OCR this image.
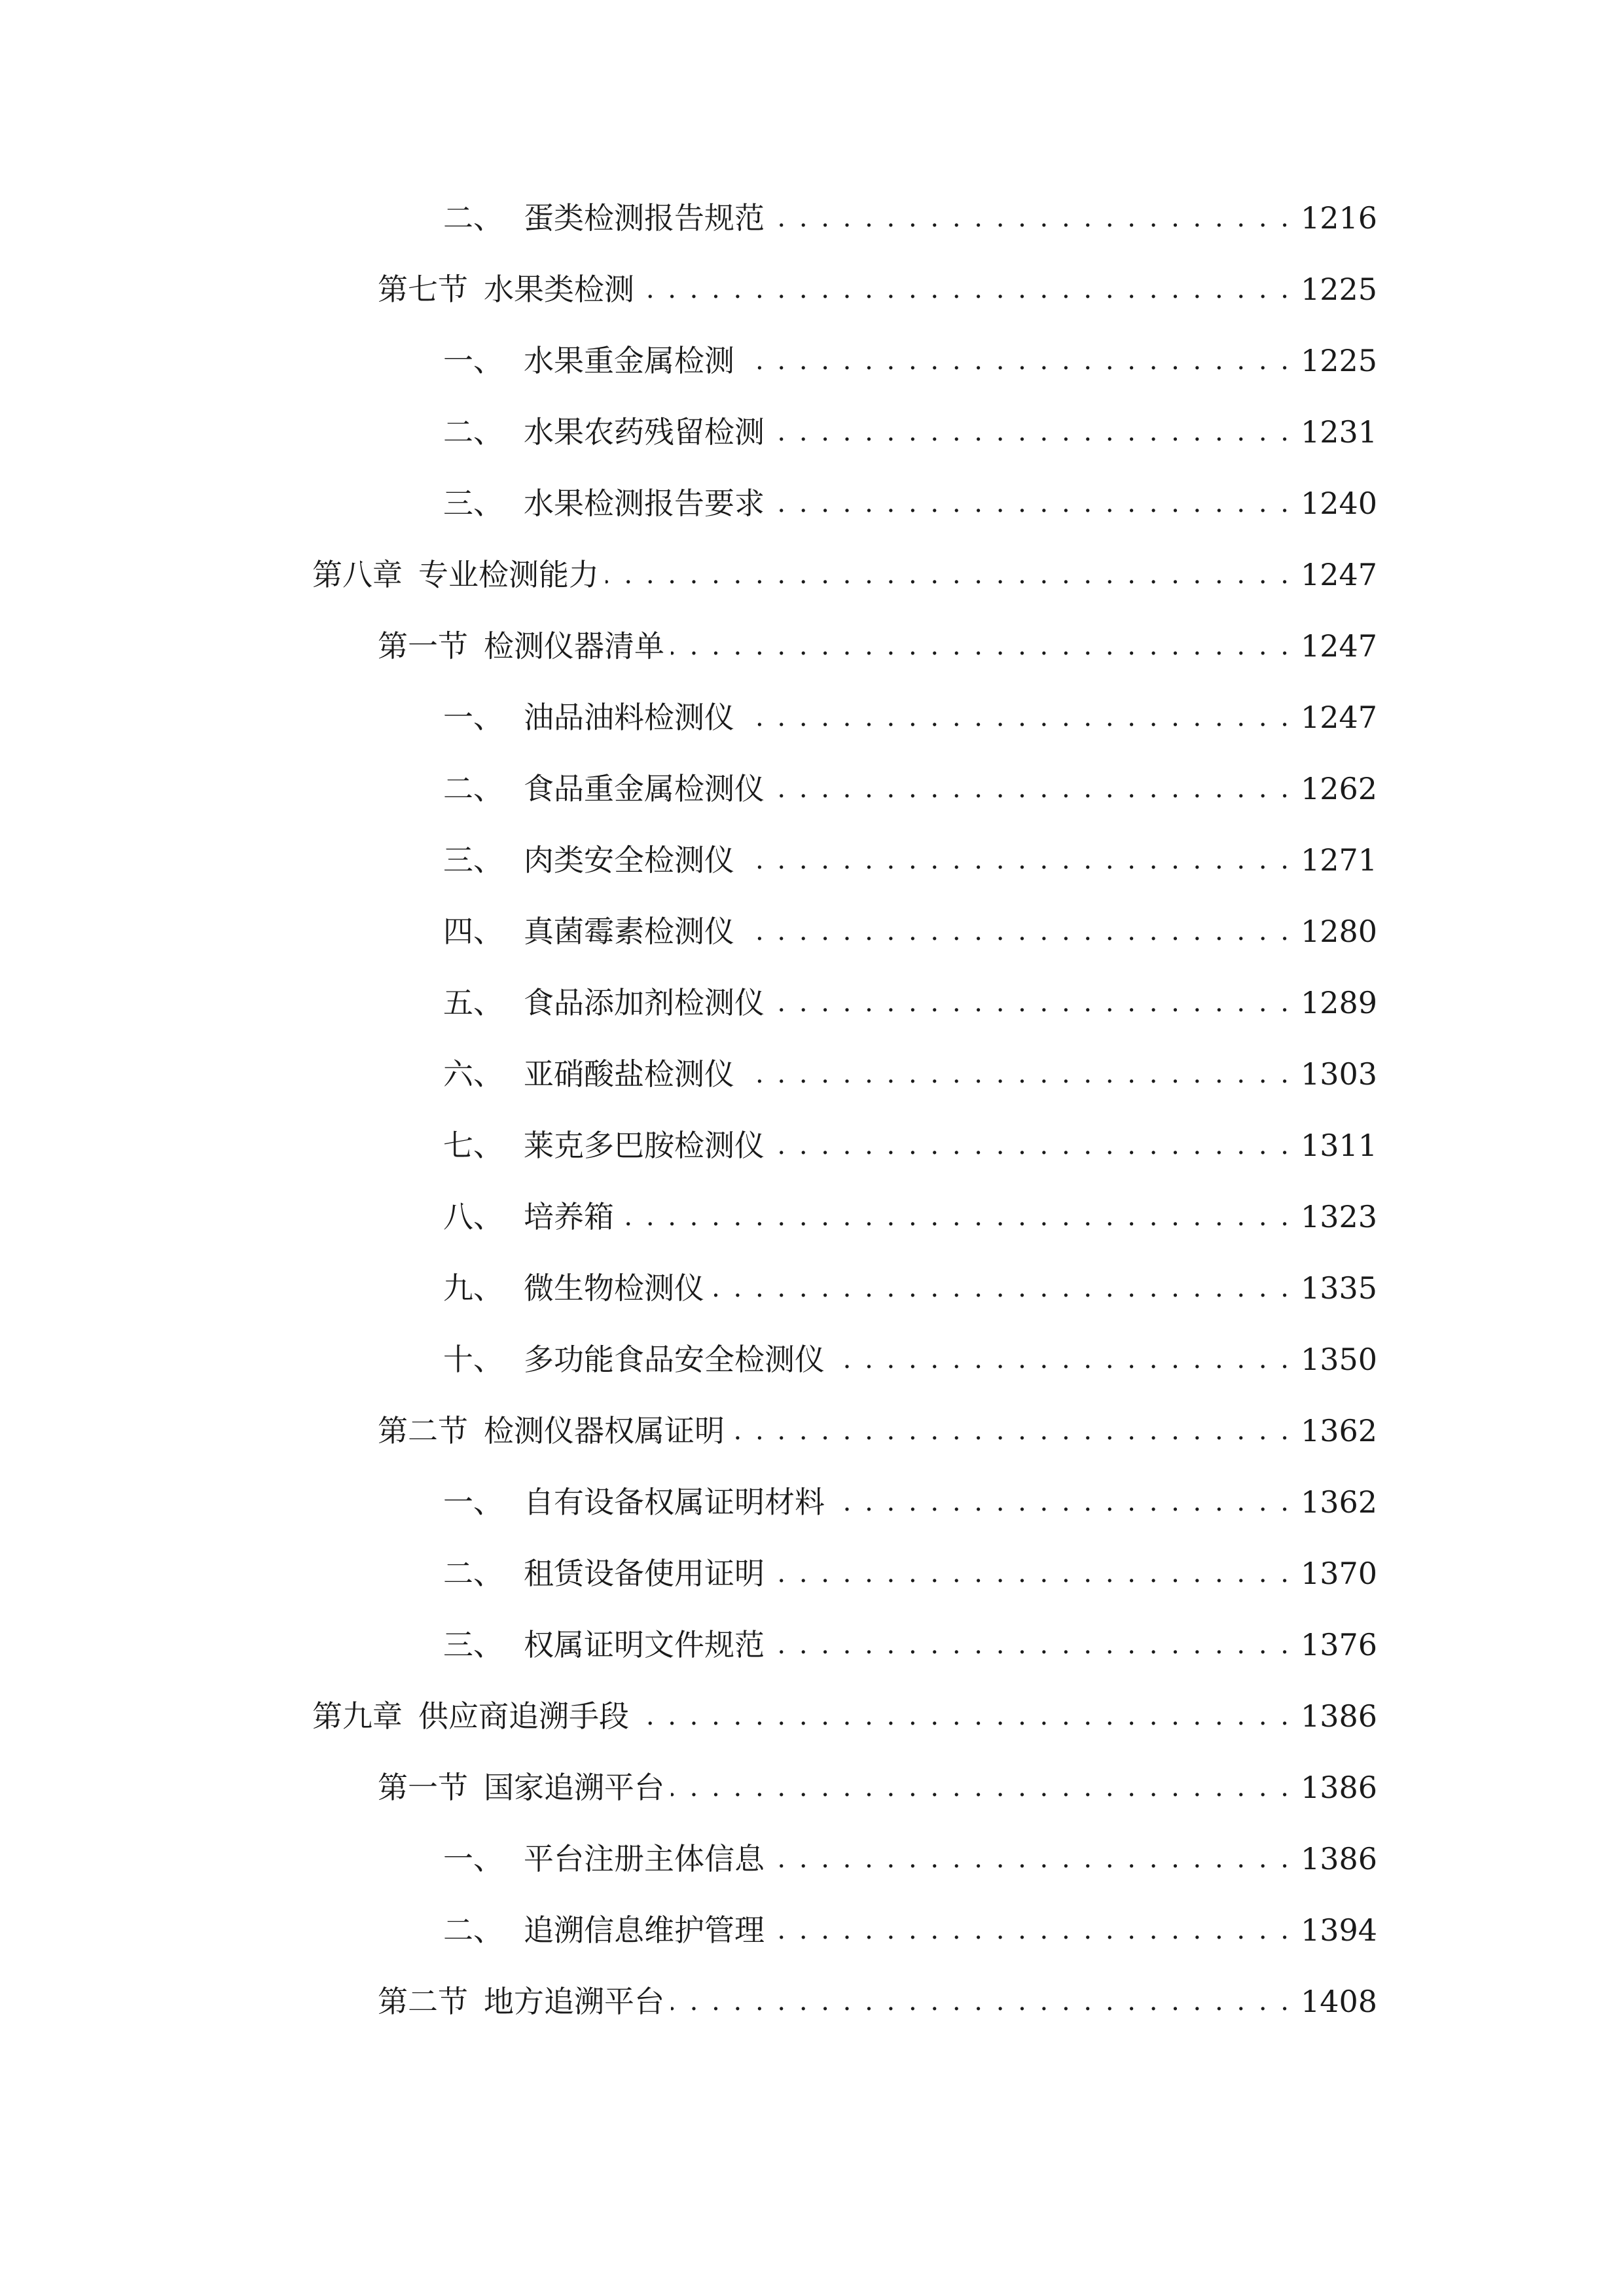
二、 蛋类检测报告规范 . . .	1216
第七节 水果类检测 . . .	1225
一、 水果重金属检测 . . .	1225
二、 水果农药残留检测 . . .	1231
三、 水果检测报告要求 . . .	1240
第八章 专业检测能力 . . .	1247
第一节 检测仪器清单 . . .	1247
一、 油品油料检测仪 . . .	1247
二、 食品重金属检测仪 . . .	1262
三、 肉类安全检测仪 . . .	1271
四、 真菌霉素检测仪 . . .	1280
五、 食品添加剂检测仪 . . .	1289
六、 亚硝酸盐检测仪 . . .	1303
七、 莱克多巴胺检测仪 . . .	1311
八、 培养箱 . . .	1323
九、 微生物检测仪 . . .	1335
十、 多功能食品安全检测仪 . . .	1350
第二节 检测仪器权属证明 . . .	1362
一、 自有设备权属证明材料 . . .	1362
二、 租赁设备使用证明 . . .	1370
三、 权属证明文件规范 . . .	1376
第九章 供应商追溯手段 . . .	1386
第一节 国家追溯平台 . . .	1386
一、 平台注册主体信息 . . .	1386
二、 追溯信息维护管理 . . .	1394
第二节 地方追溯平台 . . .	1408
